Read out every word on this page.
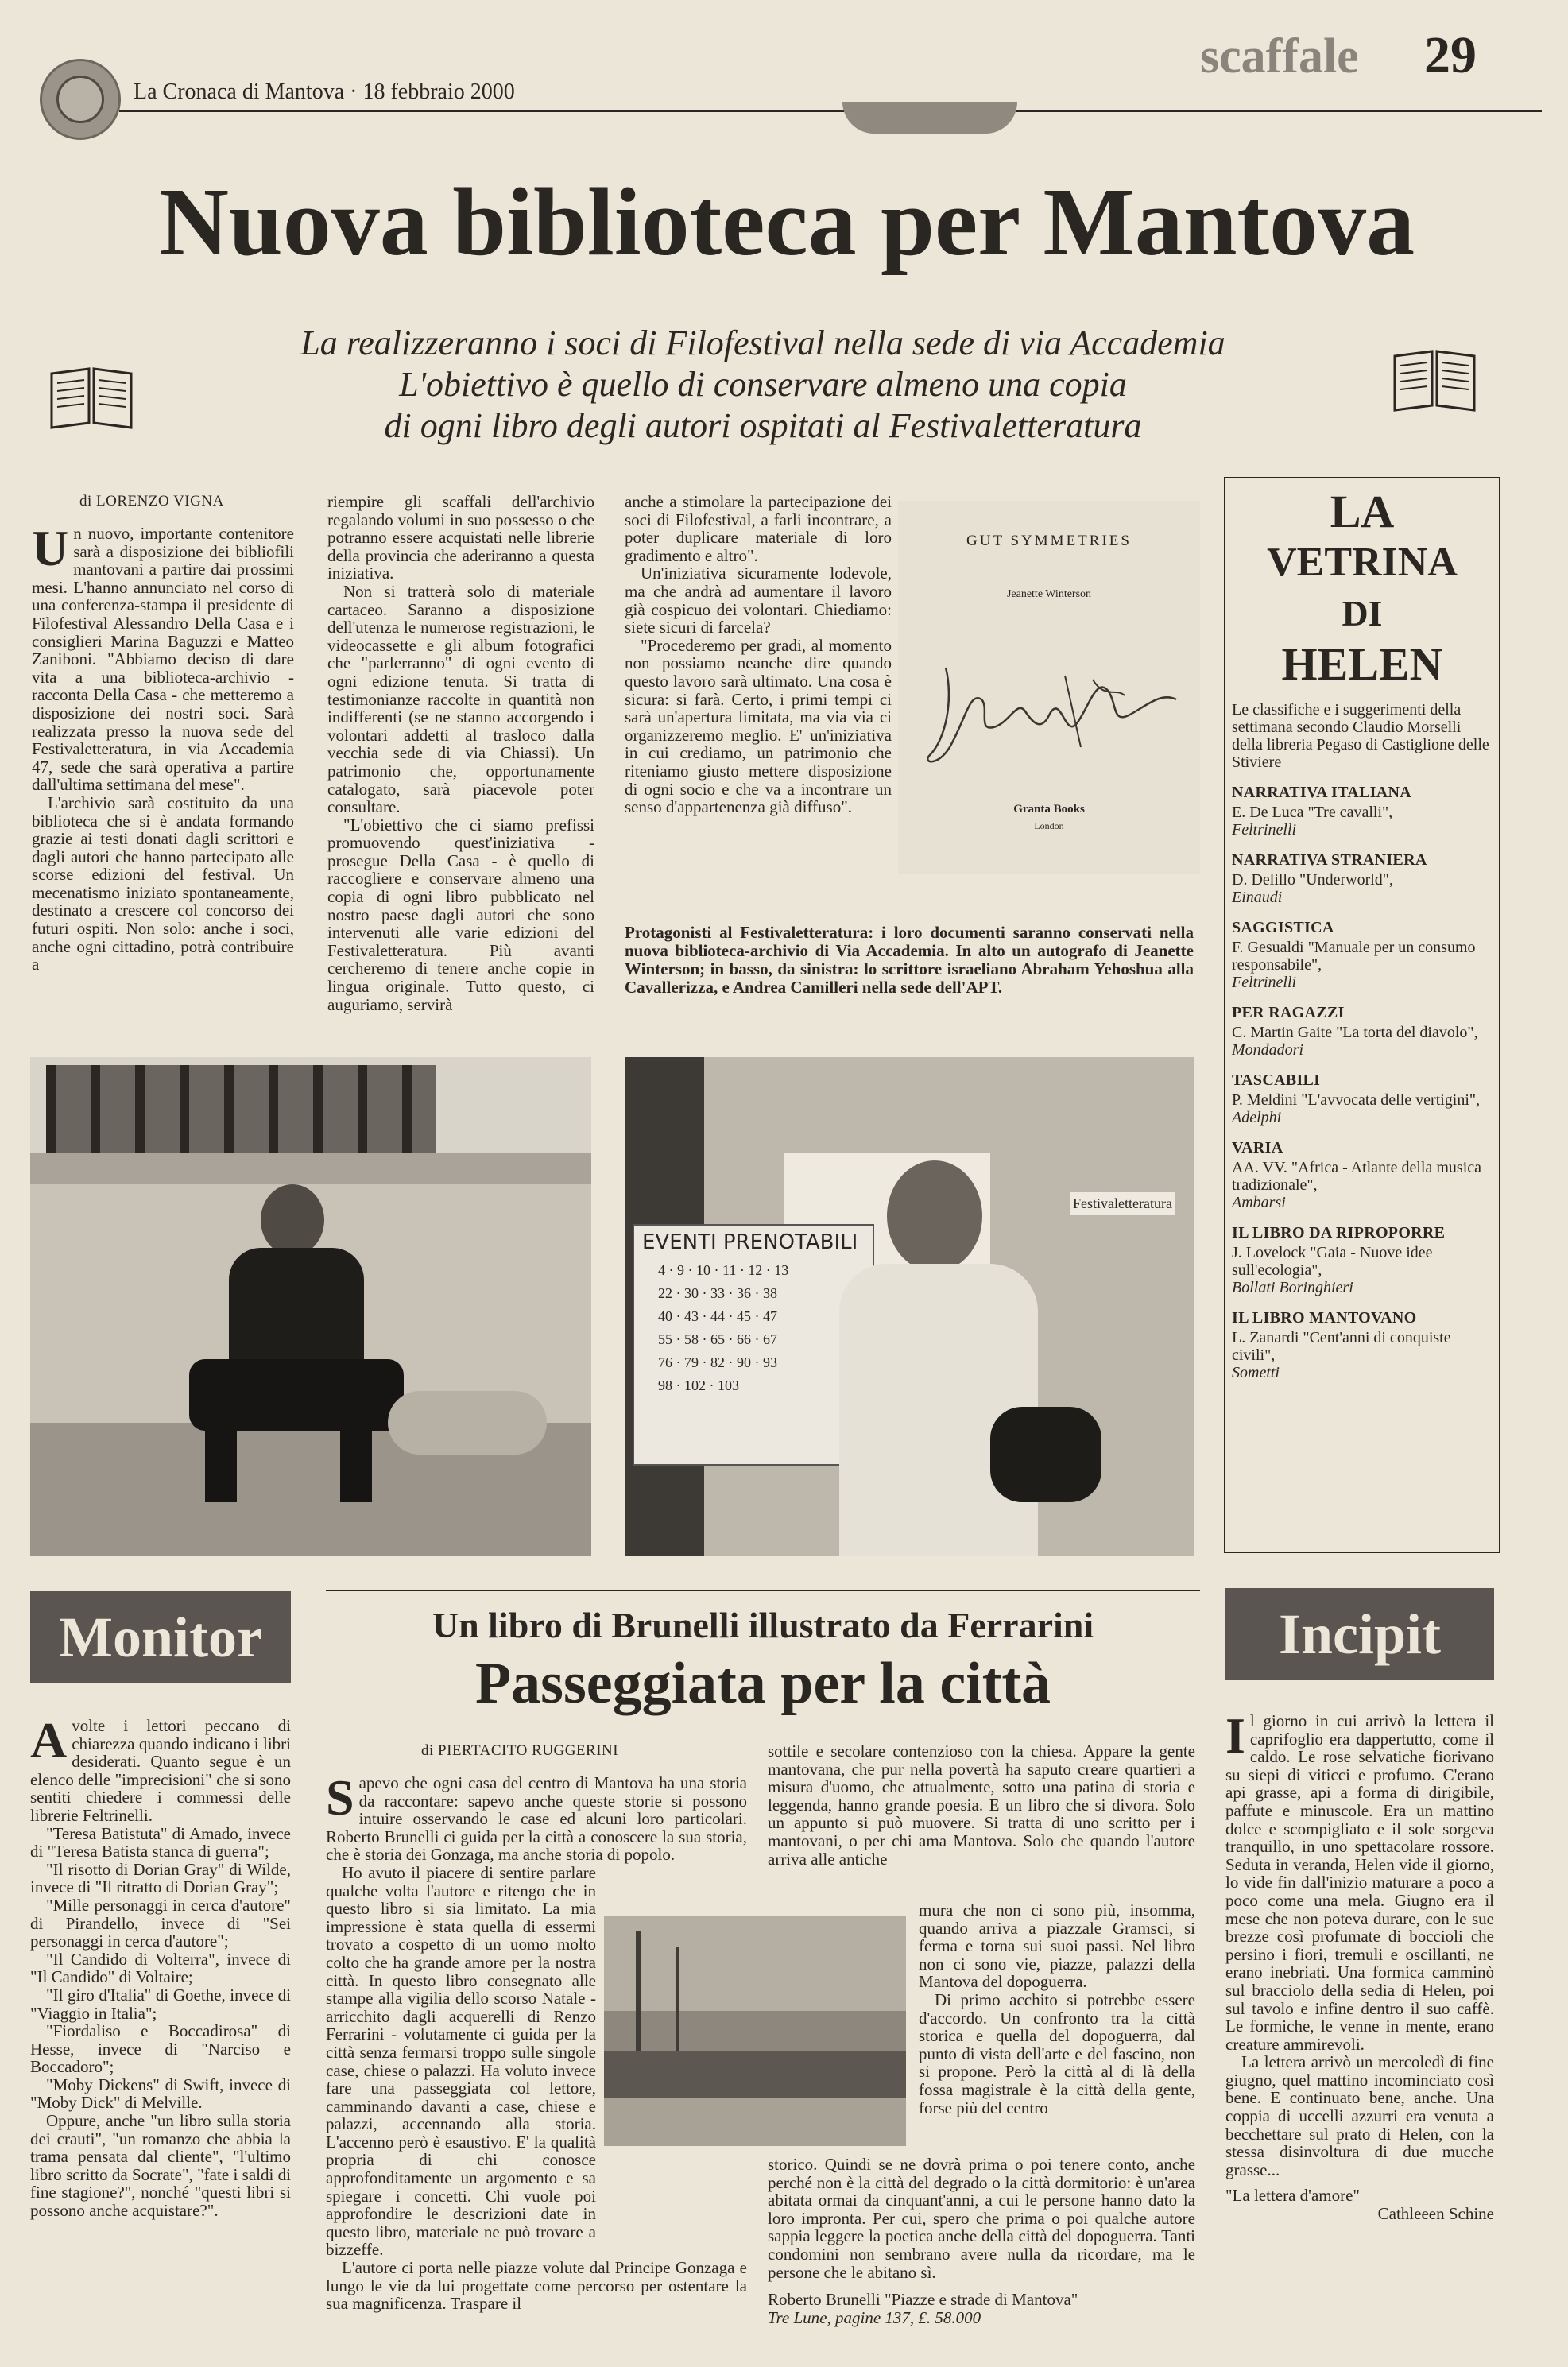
La Cronaca di Mantova · 18 febbraio 2000
scaffale 29
Nuova biblioteca per Mantova
La realizzeranno i soci di Filofestival nella sede di via Accademia
L'obiettivo è quello di conservare almeno una copia
di ogni libro degli autori ospitati al Festivaletteratura
di LORENZO VIGNA
U n nuovo, importante contenitore sarà a disposizione dei bibliofili mantovani a partire dai prossimi mesi. L'hanno annunciato nel corso di una conferenza-stampa il presidente di Filofestival Alessandro Della Casa e i consiglieri Marina Baguzzi e Matteo Zaniboni. "Abbiamo deciso di dare vita a una biblioteca-archivio - racconta Della Casa - che metteremo a disposizione dei nostri soci. Sarà realizzata presso la nuova sede del Festivaletteratura, in via Accademia 47, sede che sarà operativa a partire dall'ultima settimana del mese".

L'archivio sarà costituito da una biblioteca che si è andata formando grazie ai testi donati dagli scrittori e dagli autori che hanno partecipato alle scorse edizioni del festival. Un mecenatismo iniziato spontaneamente, destinato a crescere col concorso dei futuri ospiti. Non solo: anche i soci, anche ogni cittadino, potrà contribuire a

riempire gli scaffali dell'archivio regalando volumi in suo possesso o che potranno essere acquistati nelle librerie della provincia che aderiranno a questa iniziativa.

Non si tratterà solo di materiale cartaceo. Saranno a disposizione dell'utenza le numerose registrazioni, le videocassette e gli album fotografici che "parlerranno" di ogni evento di ogni edizione tenuta. Si tratta di testimonianze raccolte in quantità non indifferenti (se ne stanno accorgendo i volontari addetti al trasloco dalla vecchia sede di via Chiassi). Un patrimonio che, opportunamente catalogato, sarà piacevole poter consultare.

"L'obiettivo che ci siamo prefissi promuovendo quest'iniziativa - prosegue Della Casa - è quello di raccogliere e conservare almeno una copia di ogni libro pubblicato nel nostro paese dagli autori che sono intervenuti alle varie edizioni del Festivaletteratura. Più avanti cercheremo di tenere anche copie in lingua originale. Tutto questo, ci auguriamo, servirà

anche a stimolare la partecipazione dei soci di Filofestival, a farli incontrare, a poter duplicare materiale di loro gradimento e altro".

Un'iniziativa sicuramente lodevole, ma che andrà ad aumentare il lavoro già cospicuo dei volontari. Chiediamo: siete sicuri di farcela?

"Procederemo per gradi, al momento non possiamo neanche dire quando questo lavoro sarà ultimato. Una cosa è sicura: si farà. Certo, i primi tempi ci sarà un'apertura limitata, ma via via ci organizzeremo meglio. E' un'iniziativa in cui crediamo, un patrimonio che riteniamo giusto mettere disposizione di ogni socio e che va a incontrare un senso d'appartenenza già diffuso".

GUT SYMMETRIES
Jeanette Winterson
Granta Books
London
Protagonisti al Festivaletteratura: i loro documenti saranno conservati nella nuova biblioteca-archivio di Via Accademia. In alto un autografo di Jeanette Winterson; in basso, da sinistra: lo scrittore israeliano Abraham Yehoshua alla Cavallerizza, e Andrea Camilleri nella sede dell'APT.
LA
VETRINA
DI
HELEN

Le classifiche e i suggerimenti della settimana secondo Claudio Morselli della libreria Pegaso di Castiglione delle Stiviere

NARRATIVA ITALIANA

E. De Luca "Tre cavalli",

Feltrinelli

NARRATIVA STRANIERA

D. Delillo "Underworld",

Einaudi

SAGGISTICA

F. Gesualdi "Manuale per un consumo responsabile",

Feltrinelli

PER RAGAZZI

C. Martin Gaite "La torta del diavolo",

Mondadori

TASCABILI

P. Meldini "L'avvocata delle vertigini",

Adelphi

VARIA

AA. VV. "Africa - Atlante della musica tradizionale",

Ambarsi

IL LIBRO DA RIPROPORRE

J. Lovelock "Gaia - Nuove idee sull'ecologia",

Bollati Boringhieri

IL LIBRO MANTOVANO

L. Zanardi "Cent'anni di conquiste civili",

Sometti

Festivaletteratura
EVENTI PRENOTABILI
4 · 9 · 10 · 11 · 12 · 13
22 · 30 · 33 · 36 · 38
40 · 43 · 44 · 45 · 47
55 · 58 · 65 · 66 · 67
76 · 79 · 82 · 90 · 93
98 · 102 · 103
Monitor
A volte i lettori peccano di chiarezza quando indicano i libri desiderati. Quanto segue è un elenco delle "imprecisioni" che si sono sentiti chiedere i commessi delle librerie Feltrinelli.

"Teresa Batistuta" di Amado, invece di "Teresa Batista stanca di guerra";

"Il risotto di Dorian Gray" di Wilde, invece di "Il ritratto di Dorian Gray";

"Mille personaggi in cerca d'autore" di Pirandello, invece di "Sei personaggi in cerca d'autore";

"Il Candido di Volterra", invece di "Il Candido" di Voltaire;

"Il giro d'Italia" di Goethe, invece di "Viaggio in Italia";

"Fiordaliso e Boccadirosa" di Hesse, invece di "Narciso e Boccadoro";

"Moby Dickens" di Swift, invece di "Moby Dick" di Melville.

Oppure, anche "un libro sulla storia dei crauti", "un romanzo che abbia la trama pensata dal cliente", "l'ultimo libro scritto da Socrate", "fate i saldi di fine stagione?", nonché "questi libri si possono anche acquistare?".

Un libro di Brunelli illustrato da Ferrarini
Passeggiata per la città
di PIERTACITO RUGGERINI
S apevo che ogni casa del centro di Mantova ha una storia da raccontare: sapevo anche queste storie si possono intuire osservando le case ed alcuni loro particolari. Roberto Brunelli ci guida per la città a conoscere la sua storia, che è storia dei Gonzaga, ma anche storia di popolo.

Ho avuto il piacere di sentire parlare qualche volta l'autore e ritengo che in questo libro si sia limitato. La mia impressione è stata quella di essermi trovato a cospetto di un uomo molto colto che ha grande amore per la nostra città. In questo libro consegnato alle stampe alla vigilia dello scorso Natale - arricchito dagli acquerelli di Renzo Ferrarini - volutamente ci guida per la città senza fermarsi troppo sulle singole case, chiese o palazzi. Ha voluto invece fare una passeggiata col lettore, camminando davanti a case, chiese e palazzi, accennando alla storia. L'accenno però è esaustivo. E' la qualità propria di chi conosce approfonditamente un argomento e sa spiegare i concetti. Chi vuole poi approfondire le descrizioni date in questo libro, materiale ne può trovare a bizzeffe.

L'autore ci porta nelle piazze volute dal Principe Gonzaga e lungo le vie da lui progettate come percorso per ostentare la sua magnificenza. Traspare il

sottile e secolare contenzioso con la chiesa. Appare la gente mantovana, che pur nella povertà ha saputo creare quartieri a misura d'uomo, che attualmente, sotto una patina di storia e leggenda, hanno grande poesia. E un libro che si divora. Solo un appunto si può muovere. Si tratta di uno scritto per i mantovani, o per chi ama Mantova. Solo che quando l'autore arriva alle antiche

mura che non ci sono più, insomma, quando arriva a piazzale Gramsci, si ferma e torna sui suoi passi. Nel libro non ci sono vie, piazze, palazzi della Mantova del dopoguerra.

Di primo acchito si potrebbe essere d'accordo. Un confronto tra la città storica e quella del dopoguerra, dal punto di vista dell'arte e del fascino, non si propone. Però la città al di là della fossa magistrale è la città della gente, forse più del centro

storico. Quindi se ne dovrà prima o poi tenere conto, anche perché non è la città del degrado o la città dormitorio: è un'area abitata ormai da cinquant'anni, a cui le persone hanno dato la loro impronta. Per cui, spero che prima o poi qualche autore sappia leggere la poetica anche della città del dopoguerra. Tanti condomini non sembrano avere nulla da ricordare, ma le persone che le abitano sì.

Roberto Brunelli "Piazze e strade di Mantova"

Tre Lune, pagine 137, £. 58.000

Incipit
I l giorno in cui arrivò la lettera il caprifoglio era dappertutto, come il caldo. Le rose selvatiche fiorivano su siepi di viticci e profumo. C'erano api grasse, api a forma di dirigibile, paffute e minuscole. Era un mattino dolce e scompigliato e il sole sorgeva tranquillo, in uno spettacolare rossore. Seduta in veranda, Helen vide il giorno, lo vide fin dall'inizio maturare a poco a poco come una mela. Giugno era il mese che non poteva durare, con le sue brezze così profumate di boccioli che persino i fiori, tremuli e oscillanti, ne erano inebriati. Una formica camminò sul bracciolo della sedia di Helen, poi sul tavolo e infine dentro il suo caffè. Le formiche, le venne in mente, erano creature ammirevoli.

La lettera arrivò un mercoledì di fine giugno, quel mattino incominciato così bene. E continuato bene, anche. Una coppia di uccelli azzurri era venuta a becchettare sul prato di Helen, con la stessa disinvoltura di due mucche grasse...

"La lettera d'amore"

Cathleeen Schine
